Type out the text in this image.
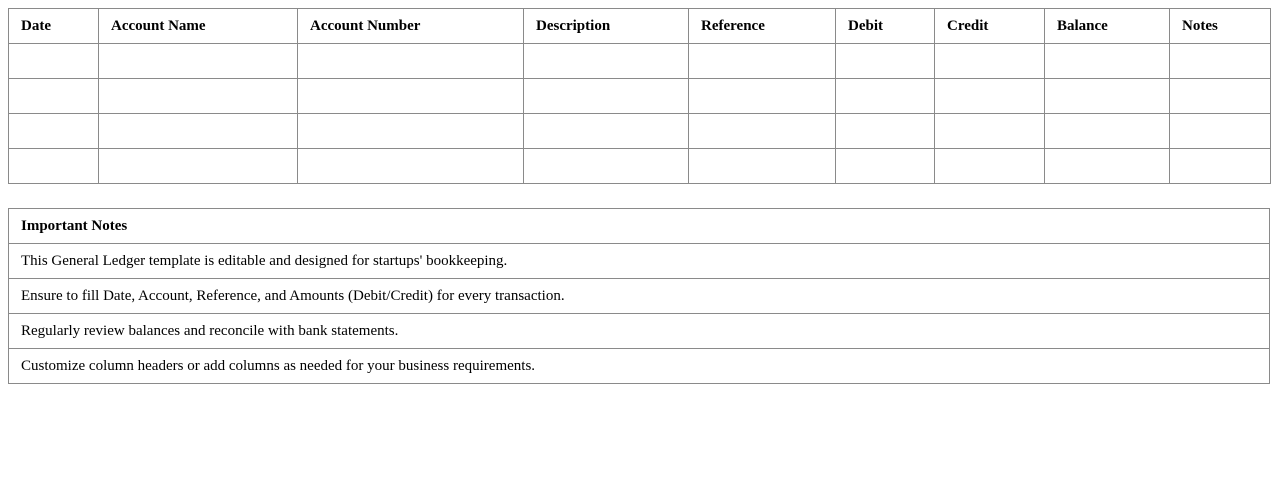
Date	Account Name	Account Number	Description	Reference	Debit	Credit	Balance	Notes

Important Notes
This General Ledger template is editable and designed for startups' bookkeeping.
Ensure to fill Date, Account, Reference, and Amounts (Debit/Credit) for every transaction.
Regularly review balances and reconcile with bank statements.
Customize column headers or add columns as needed for your business requirements.
